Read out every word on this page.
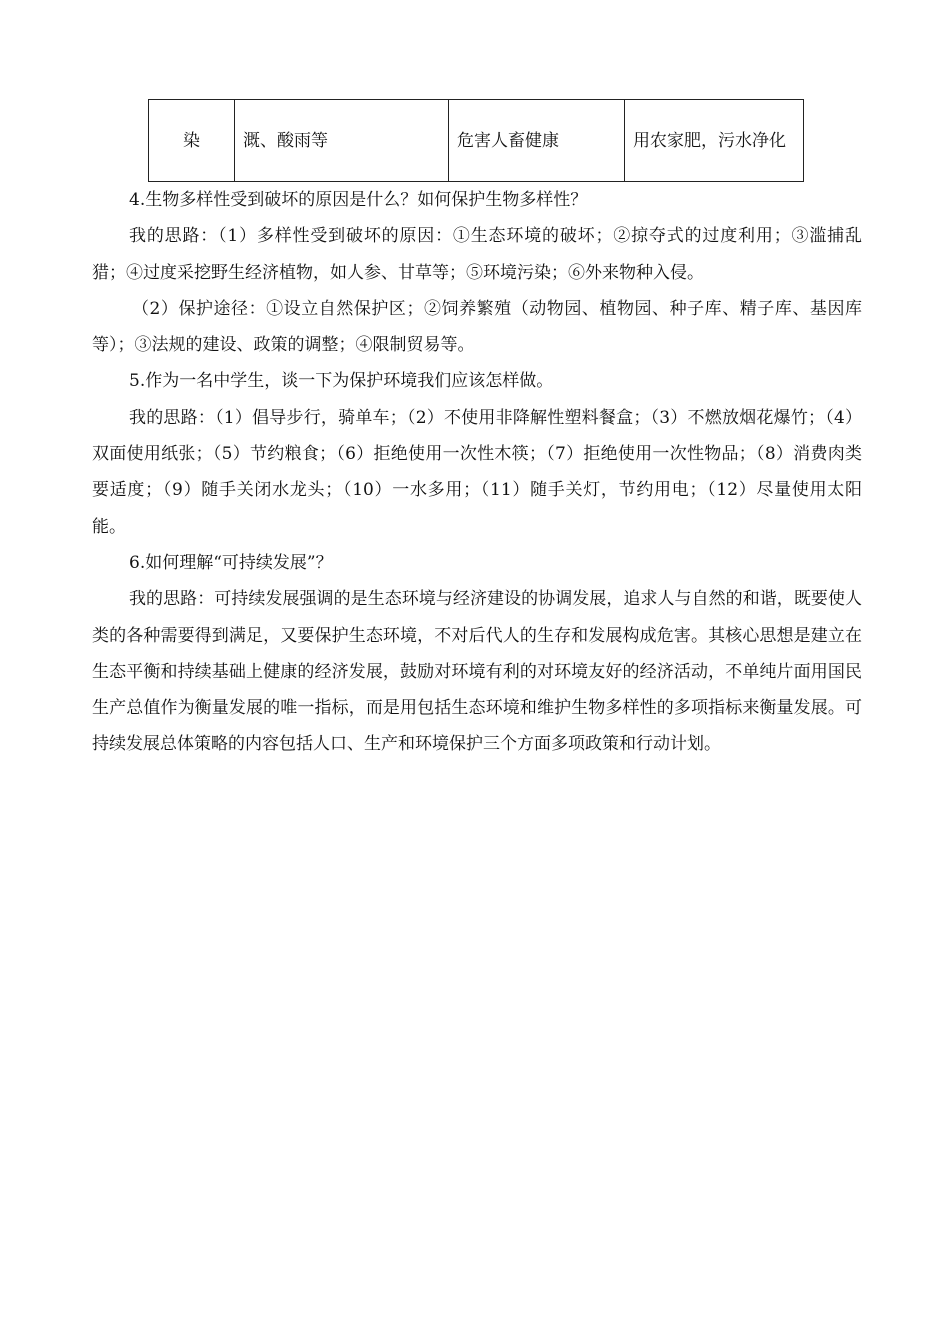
染	溉、酸雨等	危害人畜健康	用农家肥，污水净化

4.生物多样性受到破坏的原因是什么？如何保护生物多样性？

我的思路：（1）多样性受到破坏的原因：①生态环境的破坏；②掠夺式的过度利用；③滥捕乱猎；④过度采挖野生经济植物，如人参、甘草等；⑤环境污染；⑥外来物种入侵。

（2）保护途径：①设立自然保护区；②饲养繁殖（动物园、植物园、种子库、精子库、基因库等）；③法规的建设、政策的调整；④限制贸易等。

5.作为一名中学生，谈一下为保护环境我们应该怎样做。

我的思路：（1）倡导步行，骑单车；（2）不使用非降解性塑料餐盒；（3）不燃放烟花爆竹；（4）双面使用纸张；（5）节约粮食；（6）拒绝使用一次性木筷；（7）拒绝使用一次性物品；（8）消费肉类要适度；（9）随手关闭水龙头；（10）一水多用；（11）随手关灯，节约用电；（12）尽量使用太阳能。

6.如何理解“可持续发展”？

我的思路：可持续发展强调的是生态环境与经济建设的协调发展，追求人与自然的和谐，既要使人类的各种需要得到满足，又要保护生态环境，不对后代人的生存和发展构成危害。其核心思想是建立在生态平衡和持续基础上健康的经济发展，鼓励对环境有利的对环境友好的经济活动，不单纯片面用国民生产总值作为衡量发展的唯一指标，而是用包括生态环境和维护生物多样性的多项指标来衡量发展。可持续发展总体策略的内容包括人口、生产和环境保护三个方面多项政策和行动计划。
